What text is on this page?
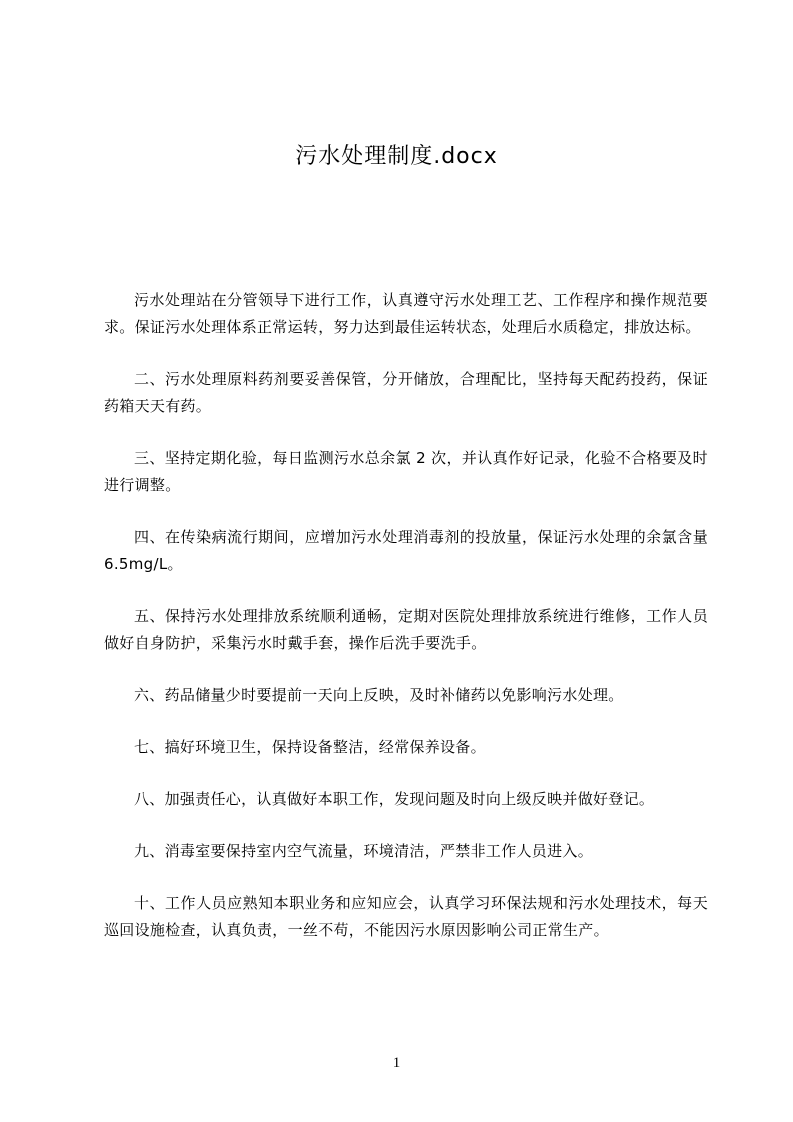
污水处理制度.docx

污水处理站在分管领导下进行工作，认真遵守污水处理工艺、工作程序和操作规范要求。保证污水处理体系正常运转，努力达到最佳运转状态，处理后水质稳定，排放达标。

二、污水处理原料药剂要妥善保管，分开储放，合理配比，坚持每天配药投药，保证药箱天天有药。

三、坚持定期化验，每日监测污水总余氯 2 次，并认真作好记录，化验不合格要及时进行调整。

四、在传染病流行期间，应增加污水处理消毒剂的投放量，保证污水处理的余氯含量 6.5mg/L。

五、保持污水处理排放系统顺利通畅，定期对医院处理排放系统进行维修，工作人员做好自身防护，采集污水时戴手套，操作后洗手要洗手。

六、药品储量少时要提前一天向上反映，及时补储药以免影响污水处理。

七、搞好环境卫生，保持设备整洁，经常保养设备。

八、加强责任心，认真做好本职工作，发现问题及时向上级反映并做好登记。

九、消毒室要保持室内空气流量，环境清洁，严禁非工作人员进入。

十、工作人员应熟知本职业务和应知应会，认真学习环保法规和污水处理技术，每天巡回设施检查，认真负责，一丝不苟，不能因污水原因影响公司正常生产。

1
